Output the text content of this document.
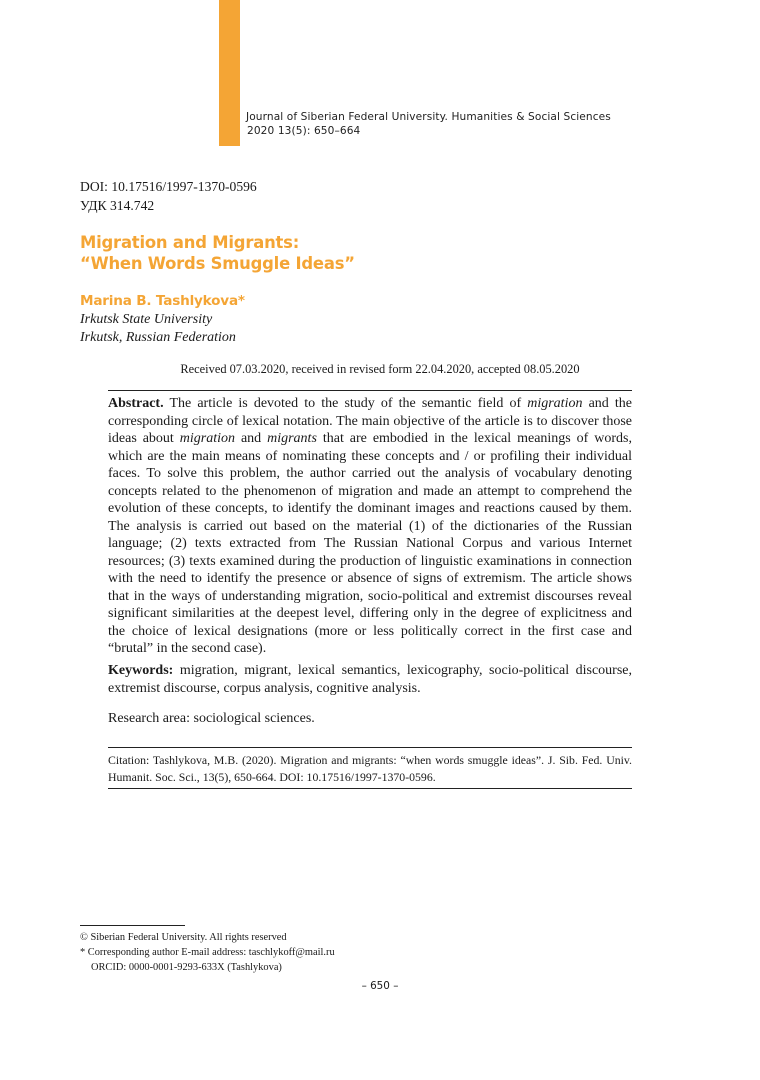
Journal of Siberian Federal University. Humanities & Social Sciences
2020 13(5): 650–664
DOI: 10.17516/1997-1370-0596
УДК 314.742
Migration and Migrants:
“When Words Smuggle Ideas”
Marina B. Tashlykova*
Irkutsk State University
Irkutsk, Russian Federation
Received 07.03.2020, received in revised form 22.04.2020, accepted 08.05.2020
Abstract. The article is devoted to the study of the semantic field of migration and the corresponding circle of lexical notation. The main objective of the article is to discover those ideas about migration and migrants that are embodied in the lexical meanings of words, which are the main means of nominating these concepts and / or profiling their individual faces. To solve this problem, the author carried out the analysis of vocabulary denoting concepts related to the phenomenon of migration and made an attempt to comprehend the evolution of these concepts, to identify the dominant images and reactions caused by them. The analysis is carried out based on the material (1) of the dictionaries of the Russian language; (2) texts extracted from The Russian National Corpus and various Internet resources; (3) texts examined during the production of linguistic examinations in connection with the need to identify the presence or absence of signs of extremism. The article shows that in the ways of understanding migration, socio-political and extremist discourses reveal significant similarities at the deepest level, differing only in the degree of explicitness and the choice of lexical designations (more or less politically correct in the first case and “brutal” in the second case).
Keywords: migration, migrant, lexical semantics, lexicography, socio-political discourse, extremist discourse, corpus analysis, cognitive analysis.
Research area: sociological sciences.
Citation: Tashlykova, M.B. (2020). Migration and migrants: “when words smuggle ideas”. J. Sib. Fed. Univ. Humanit. Soc. Sci., 13(5), 650-664. DOI: 10.17516/1997-1370-0596.
© Siberian Federal University. All rights reserved
* Corresponding author E-mail address: taschlykoff@mail.ru
ORCID: 0000-0001-9293-633X (Tashlykova)
– 650 –
